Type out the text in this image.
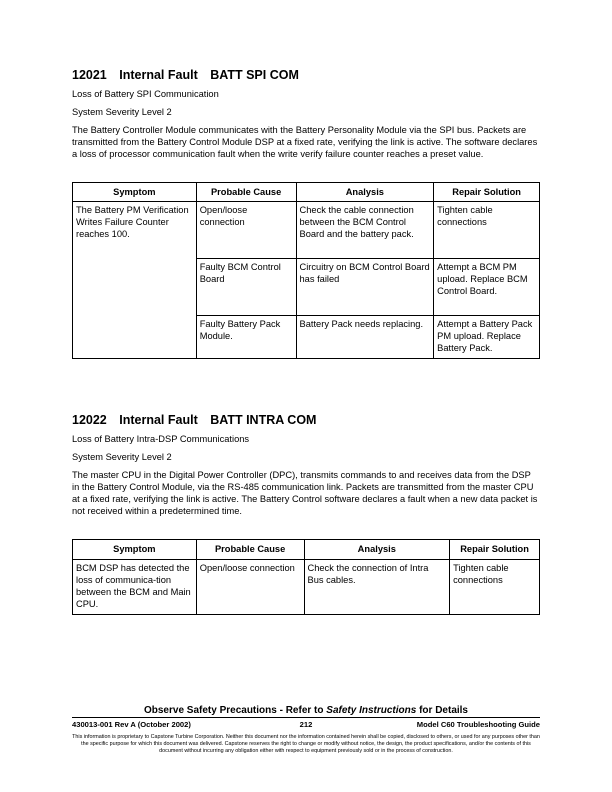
12021 Internal Fault BATT SPI COM
Loss of Battery SPI Communication
System Severity Level 2
The Battery Controller Module communicates with the Battery Personality Module via the SPI bus. Packets are transmitted from the Battery Control Module DSP at a fixed rate, verifying the link is active. The software declares a loss of processor communication fault when the write verify failure counter reaches a preset value.
Symptom	Probable Cause	Analysis	Repair Solution
The Battery PM Verification Writes Failure Counter reaches 100.	Open/loose connection	Check the cable connection between the BCM Control Board and the battery pack.	Tighten cable connections
	Faulty BCM Control Board	Circuitry on BCM Control Board has failed	Attempt a BCM PM upload. Replace BCM Control Board.
	Faulty Battery Pack Module.	Battery Pack needs replacing.	Attempt a Battery Pack PM upload. Replace Battery Pack.
12022 Internal Fault BATT INTRA COM
Loss of Battery Intra-DSP Communications
System Severity Level 2
The master CPU in the Digital Power Controller (DPC), transmits commands to and receives data from the DSP in the Battery Control Module, via the RS-485 communication link. Packets are transmitted from the master CPU at a fixed rate, verifying the link is active. The Battery Control software declares a fault when a new data packet is not received within a predetermined time.
Symptom	Probable Cause	Analysis	Repair Solution
BCM DSP has detected the loss of communica-tion between the BCM and Main CPU.	Open/loose connection	Check the connection of Intra Bus cables.	Tighten cable connections
Observe Safety Precautions - Refer to Safety Instructions for Details
430013-001 Rev A (October 2002)	212	Model C60 Troubleshooting Guide
This information is proprietary to Capstone Turbine Corporation. Neither this document nor the information contained herein shall be copied, disclosed to others, or used for any purposes other than the specific purpose for which this document was delivered. Capstone reserves the right to change or modify without notice, the design, the product specifications, and/or the contents of this document without incurring any obligation either with respect to equipment previously sold or in the process of construction.
